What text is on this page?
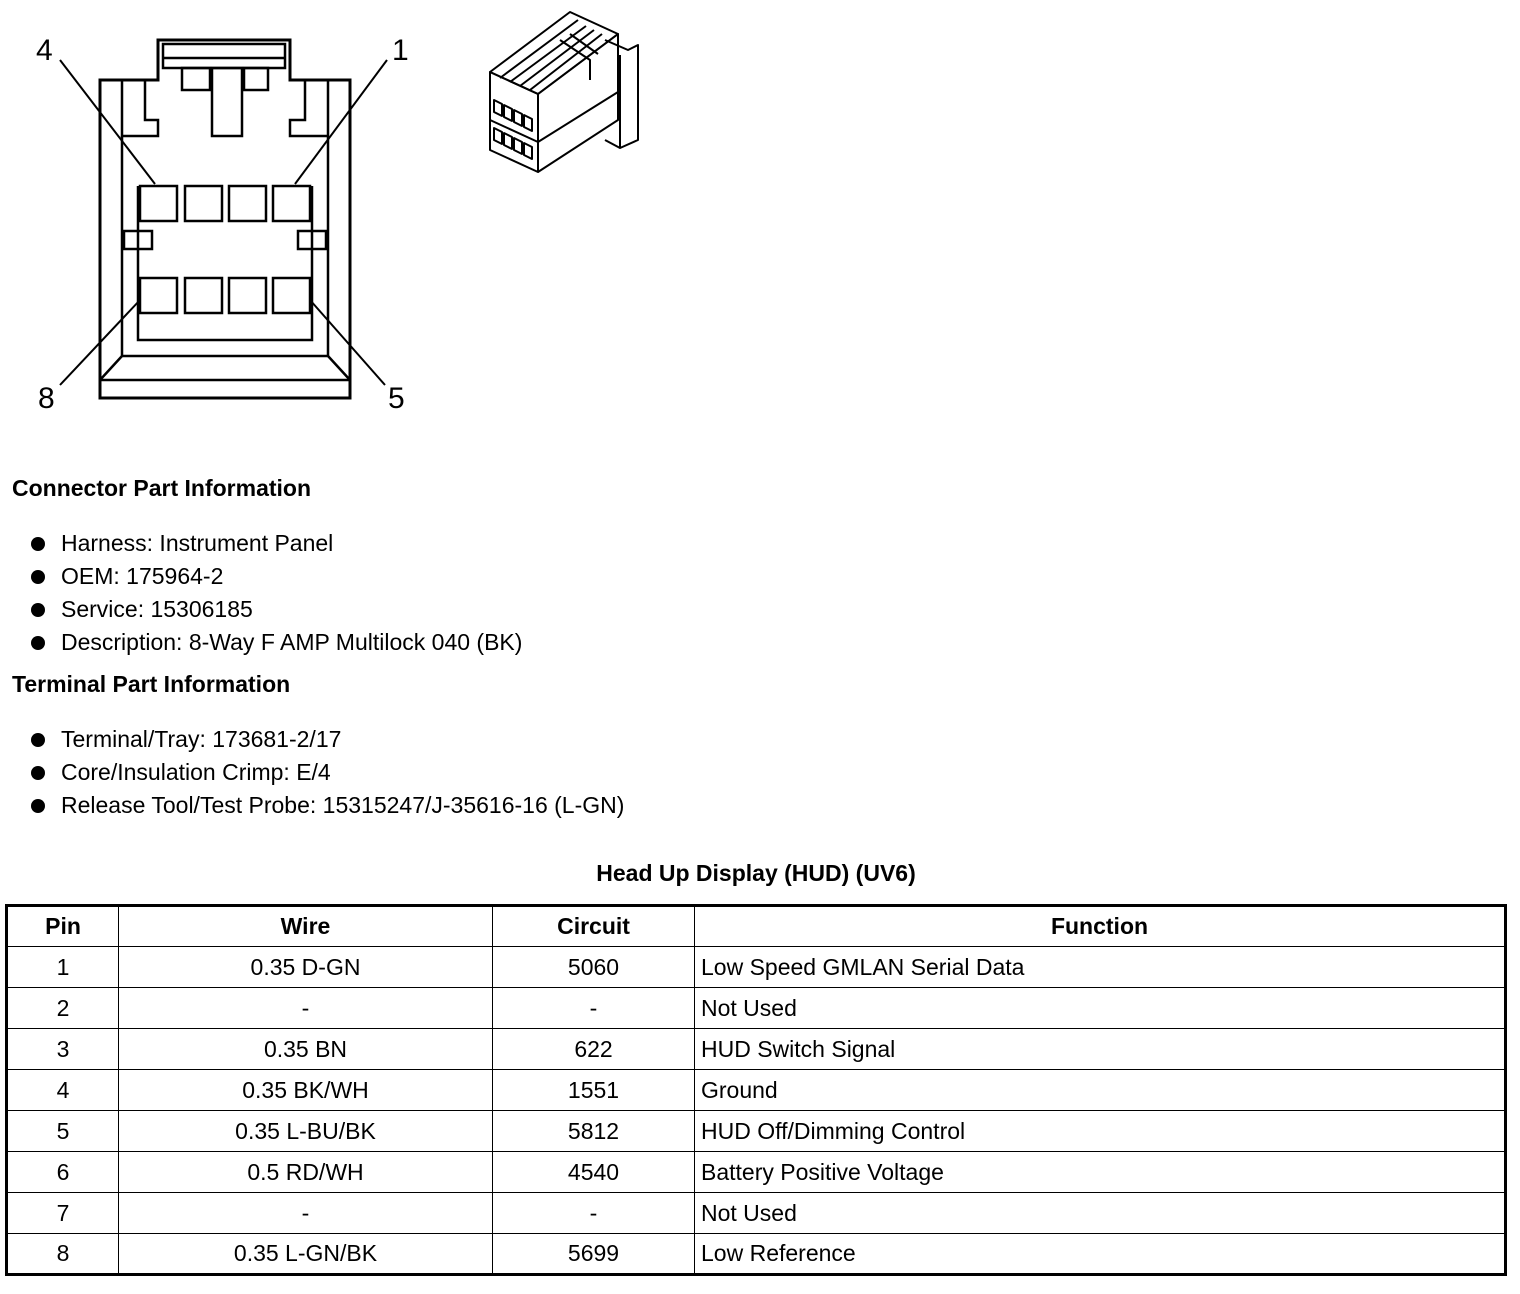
4	1
8	5
Connector Part Information
Harness: Instrument Panel
OEM: 175964-2
Service: 15306185
Description: 8-Way F AMP Multilock 040 (BK)
Terminal Part Information
Terminal/Tray: 173681-2/17
Core/Insulation Crimp: E/4
Release Tool/Test Probe: 15315247/J-35616-16 (L-GN)
Head Up Display (HUD) (UV6)
Pin	Wire	Circuit	Function
1	0.35 D-GN	5060	Low Speed GMLAN Serial Data
2	-	-	Not Used
3	0.35 BN	622	HUD Switch Signal
4	0.35 BK/WH	1551	Ground
5	0.35 L-BU/BK	5812	HUD Off/Dimming Control
6	0.5 RD/WH	4540	Battery Positive Voltage
7	-	-	Not Used
8	0.35 L-GN/BK	5699	Low Reference
